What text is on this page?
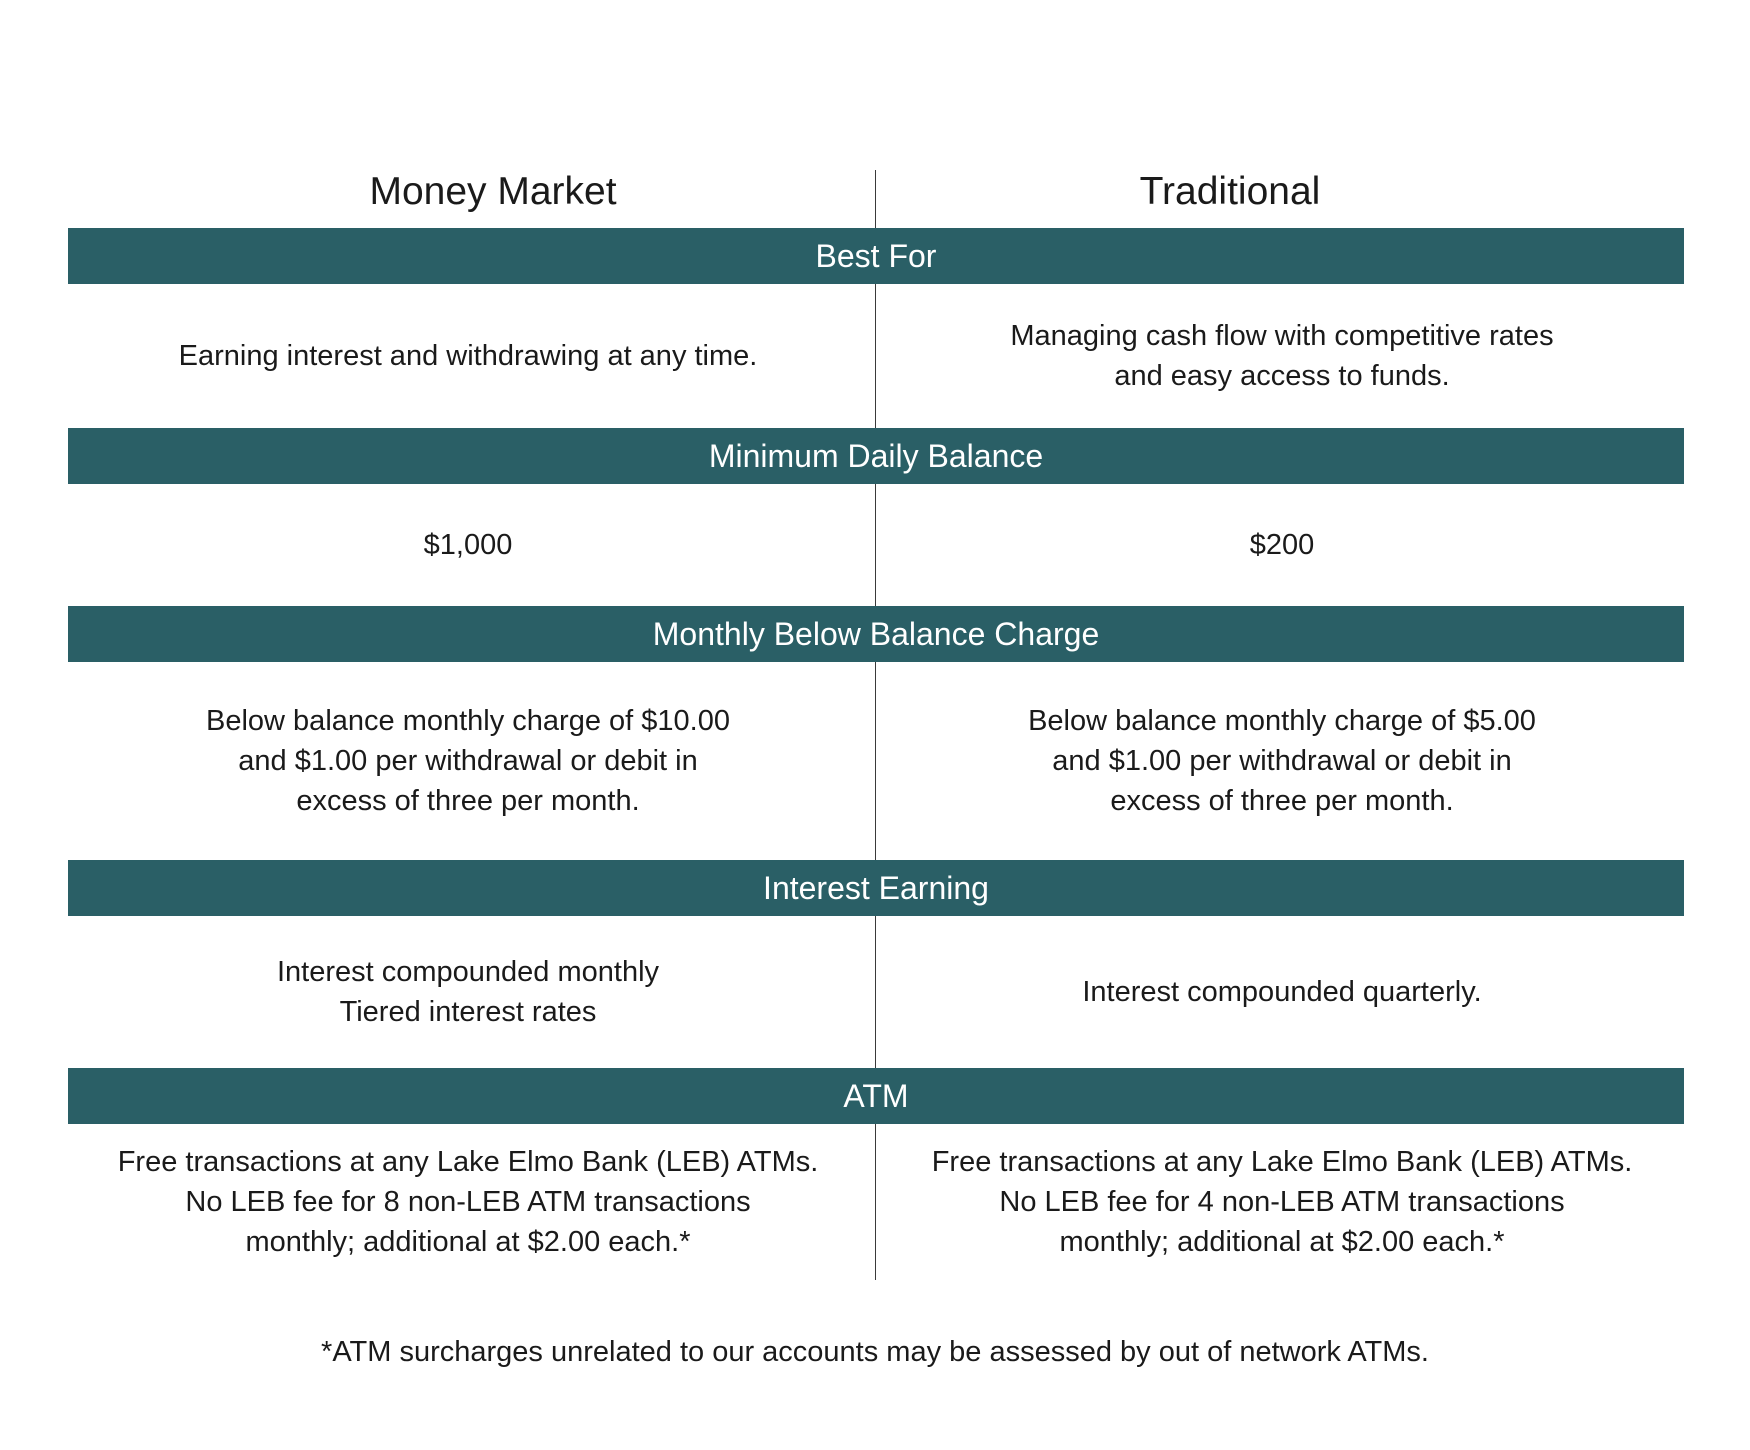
Money Market	Traditional
Best For
Earning interest and withdrawing at any time.
Managing cash flow with competitive rates
and easy access to funds.
Minimum Daily Balance
$1,000	$200
Monthly Below Balance Charge
Below balance monthly charge of $10.00
and $1.00 per withdrawal or debit in
excess of three per month.
Below balance monthly charge of $5.00
and $1.00 per withdrawal or debit in
excess of three per month.
Interest Earning
Interest compounded monthly
Tiered interest rates
Interest compounded quarterly.
ATM
Free transactions at any Lake Elmo Bank (LEB) ATMs.
No LEB fee for 8 non-LEB ATM transactions
monthly; additional at $2.00 each.*
Free transactions at any Lake Elmo Bank (LEB) ATMs.
No LEB fee for 4 non-LEB ATM transactions
monthly; additional at $2.00 each.*
*ATM surcharges unrelated to our accounts may be assessed by out of network ATMs.
